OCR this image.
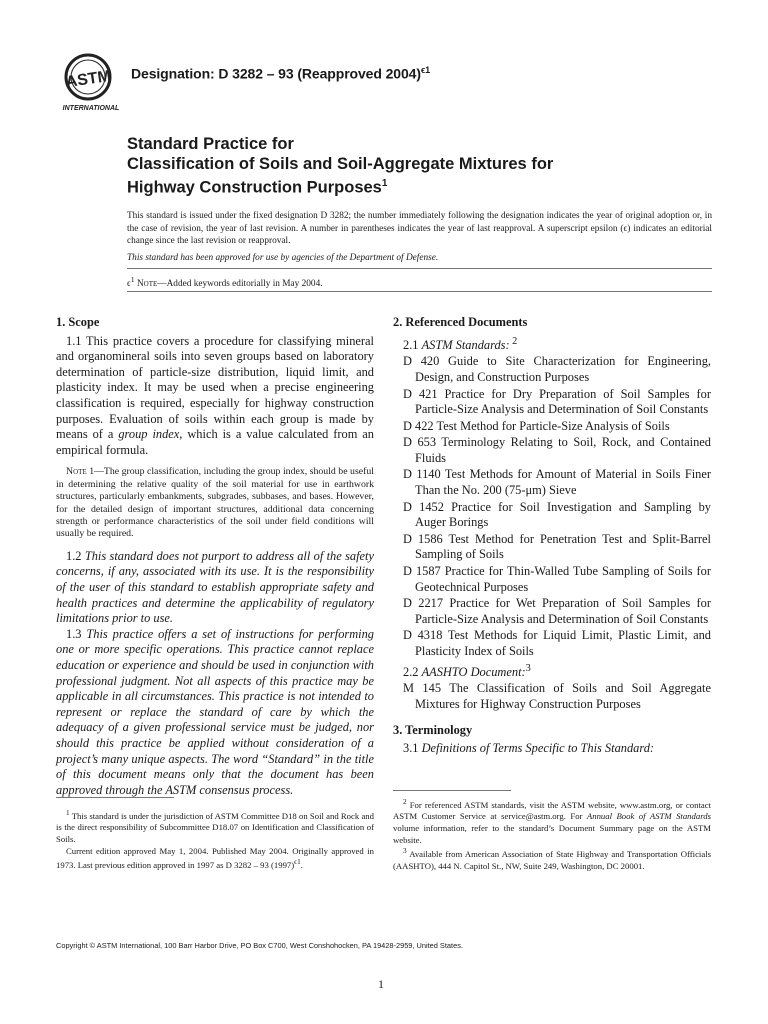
ASTM
INTERNATIONAL
Designation: D 3282 – 93 (Reapproved 2004)$^{\epsilon 1}$
Standard Practice for
Classification of Soils and Soil-Aggregate Mixtures for
Highway Construction Purposes$^1$
This standard is issued under the fixed designation D 3282; the number immediately following the designation indicates the year of original adoption or, in the case of revision, the year of last revision. A number in parentheses indicates the year of last reapproval. A superscript epsilon (ϵ) indicates an editorial change since the last revision or reapproval.
This standard has been approved for use by agencies of the Department of Defense.
$\epsilon^1$ Note—Added keywords editorially in May 2004.
1. Scope

1.1 This practice covers a procedure for classifying mineral and organomineral soils into seven groups based on laboratory determination of particle-size distribution, liquid limit, and plasticity index. It may be used when a precise engineering classification is required, especially for highway construction purposes. Evaluation of soils within each group is made by means of a group index, which is a value calculated from an empirical formula.

Note 1—The group classification, including the group index, should be useful in determining the relative quality of the soil material for use in earthwork structures, particularly embankments, subgrades, subbases, and bases. However, for the detailed design of important structures, additional data concerning strength or performance characteristics of the soil under field conditions will usually be required.

1.2 This standard does not purport to address all of the safety concerns, if any, associated with its use. It is the responsibility of the user of this standard to establish appropriate safety and health practices and determine the applicability of regulatory limitations prior to use.

1.3 This practice offers a set of instructions for performing one or more specific operations. This practice cannot replace education or experience and should be used in conjunction with professional judgment. Not all aspects of this practice may be applicable in all circumstances. This practice is not intended to represent or replace the standard of care by which the adequacy of a given professional service must be judged, nor should this practice be applied without consideration of a project’s many unique aspects. The word “Standard” in the title of this document means only that the document has been approved through the ASTM consensus process.

2. Referenced Documents
2.1 ASTM Standards: $^2$
D 420 Guide to Site Characterization for Engineering, Design, and Construction Purposes
D 421 Practice for Dry Preparation of Soil Samples for Particle-Size Analysis and Determination of Soil Constants
D 422 Test Method for Particle-Size Analysis of Soils
D 653 Terminology Relating to Soil, Rock, and Contained Fluids
D 1140 Test Methods for Amount of Material in Soils Finer Than the No. 200 (75-μm) Sieve
D 1452 Practice for Soil Investigation and Sampling by Auger Borings
D 1586 Test Method for Penetration Test and Split-Barrel Sampling of Soils
D 1587 Practice for Thin-Walled Tube Sampling of Soils for Geotechnical Purposes
D 2217 Practice for Wet Preparation of Soil Samples for Particle-Size Analysis and Determination of Soil Constants
D 4318 Test Methods for Liquid Limit, Plastic Limit, and Plasticity Index of Soils
2.2 AASHTO Document:$^3$
M 145 The Classification of Soils and Soil Aggregate Mixtures for Highway Construction Purposes
3. Terminology
3.1 Definitions of Terms Specific to This Standard:

$^1$ This standard is under the jurisdiction of ASTM Committee D18 on Soil and Rock and is the direct responsibility of Subcommittee D18.07 on Identification and Classification of Soils.

Current edition approved May 1, 2004. Published May 2004. Originally approved in 1973. Last previous edition approved in 1997 as D 3282 – 93 $(1997)^{\epsilon 1}$.

$^2$ For referenced ASTM standards, visit the ASTM website, www.astm.org, or contact ASTM Customer Service at service@astm.org. For Annual Book of ASTM Standards volume information, refer to the standard’s Document Summary page on the ASTM website.

$^3$ Available from American Association of State Highway and Transportation Officials (AASHTO), 444 N. Capitol St., NW, Suite 249, Washington, DC 20001.

Copyright © ASTM International, 100 Barr Harbor Drive, PO Box C700, West Conshohocken, PA 19428-2959, United States.
1
